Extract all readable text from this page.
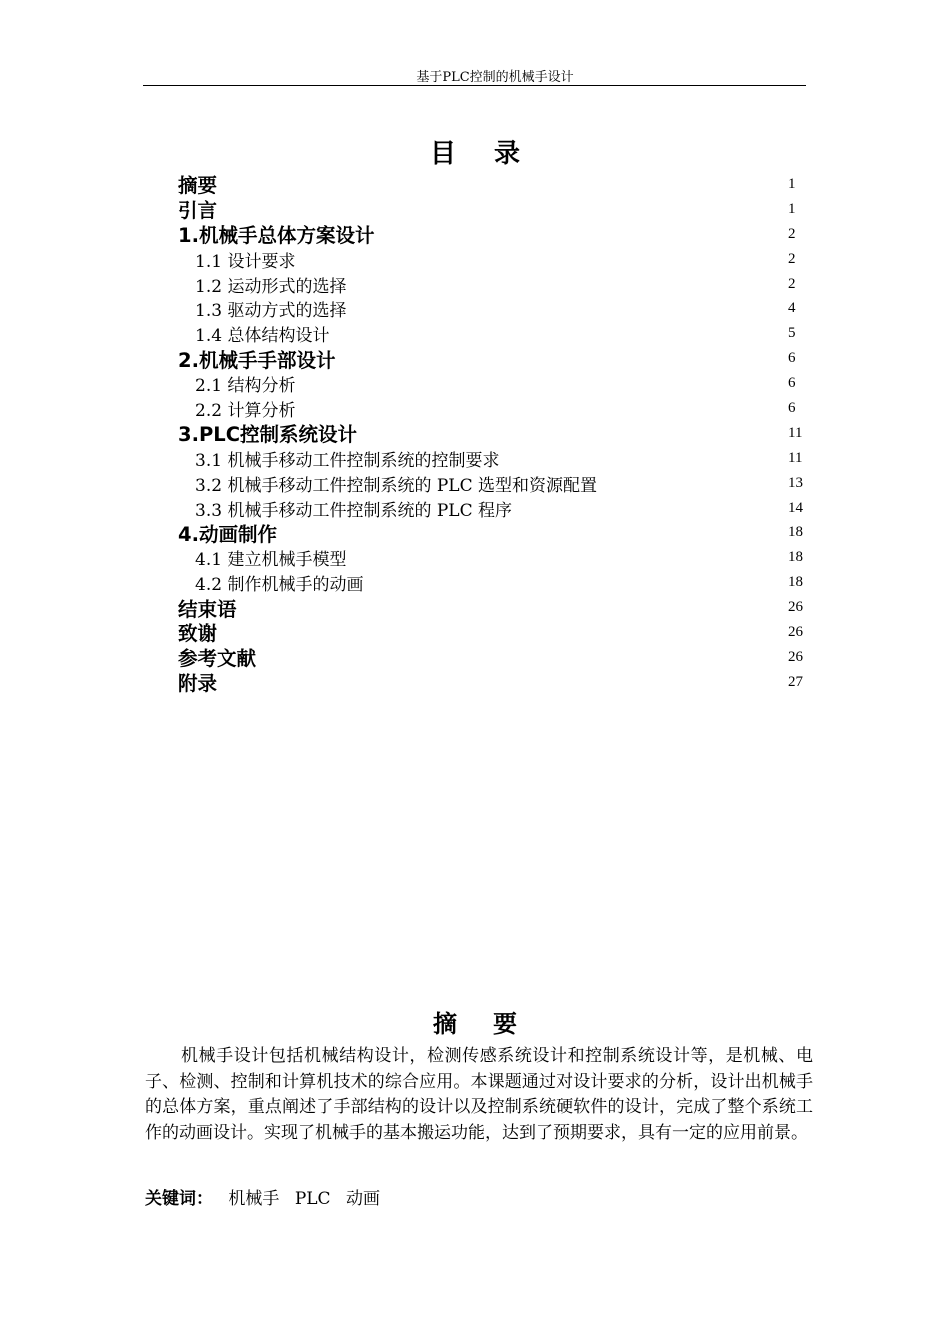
基于PLC控制的机械手设计
目录
摘要	1
引言	1
1.机械手总体方案设计	2
1.1 设计要求	2
1.2 运动形式的选择	2
1.3 驱动方式的选择	4
1.4 总体结构设计	5
2.机械手手部设计	6
2.1 结构分析	6
2.2 计算分析	6
3.PLC控制系统设计	11
3.1 机械手移动工件控制系统的控制要求	11
3.2 机械手移动工件控制系统的 PLC 选型和资源配置	13
3.3 机械手移动工件控制系统的 PLC 程序	14
4.动画制作	18
4.1 建立机械手模型	18
4.2 制作机械手的动画	18
结束语	26
致谢	26
参考文献	26
附录	27
摘要

机械手设计包括机械结构设计，检测传感系统设计和控制系统设计等，是机械、电子、检测、控制和计算机技术的综合应用。本课题通过对设计要求的分析，设计出机械手的总体方案，重点阐述了手部结构的设计以及控制系统硬软件的设计，完成了整个系统工作的动画设计。实现了机械手的基本搬运功能，达到了预期要求，具有一定的应用前景。

关键词： 机械手 PLC 动画
